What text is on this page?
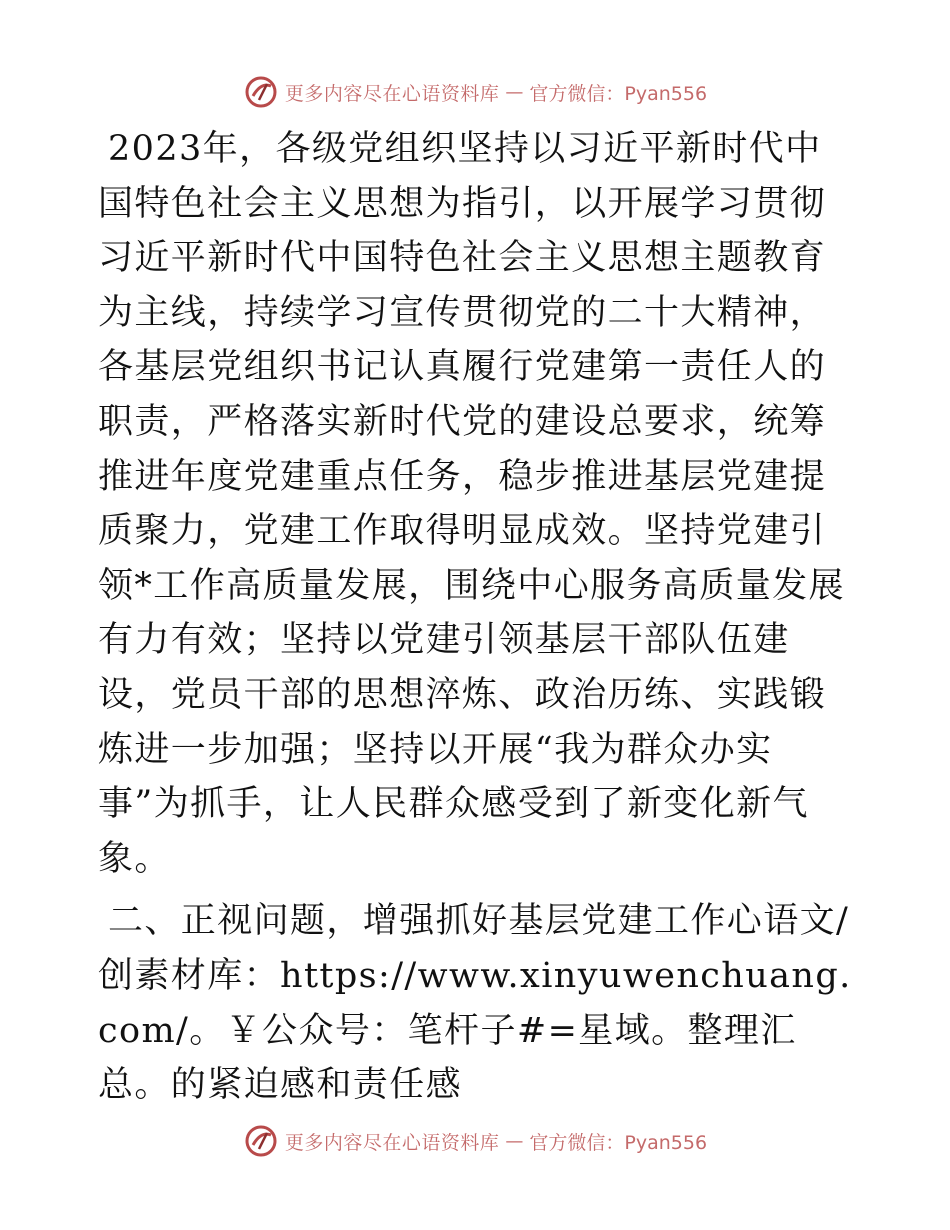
更多内容尽在心语资料库 — 官方微信：Pyan556

2023年，各级党组织坚持以习近平新时代中国特色社会主义思想为指引，以开展学习贯彻习近平新时代中国特色社会主义思想主题教育为主线，持续学习宣传贯彻党的二十大精神，各基层党组织书记认真履行党建第一责任人的职责，严格落实新时代党的建设总要求，统筹推进年度党建重点任务，稳步推进基层党建提质聚力，党建工作取得明显成效。坚持党建引领*工作高质量发展，围绕中心服务高质量发展有力有效；坚持以党建引领基层干部队伍建设，党员干部的思想淬炼、政治历练、实践锻炼进一步加强；坚持以开展“我为群众办实事”为抓手，让人民群众感受到了新变化新气象。

二、正视问题，增强抓好基层党建工作心语文/创素材库：https://www.xinyuwenchuang.com/。￥公众号：笔杆子#=星域。整理汇总。的紧迫感和责任感

更多内容尽在心语资料库 — 官方微信：Pyan556
